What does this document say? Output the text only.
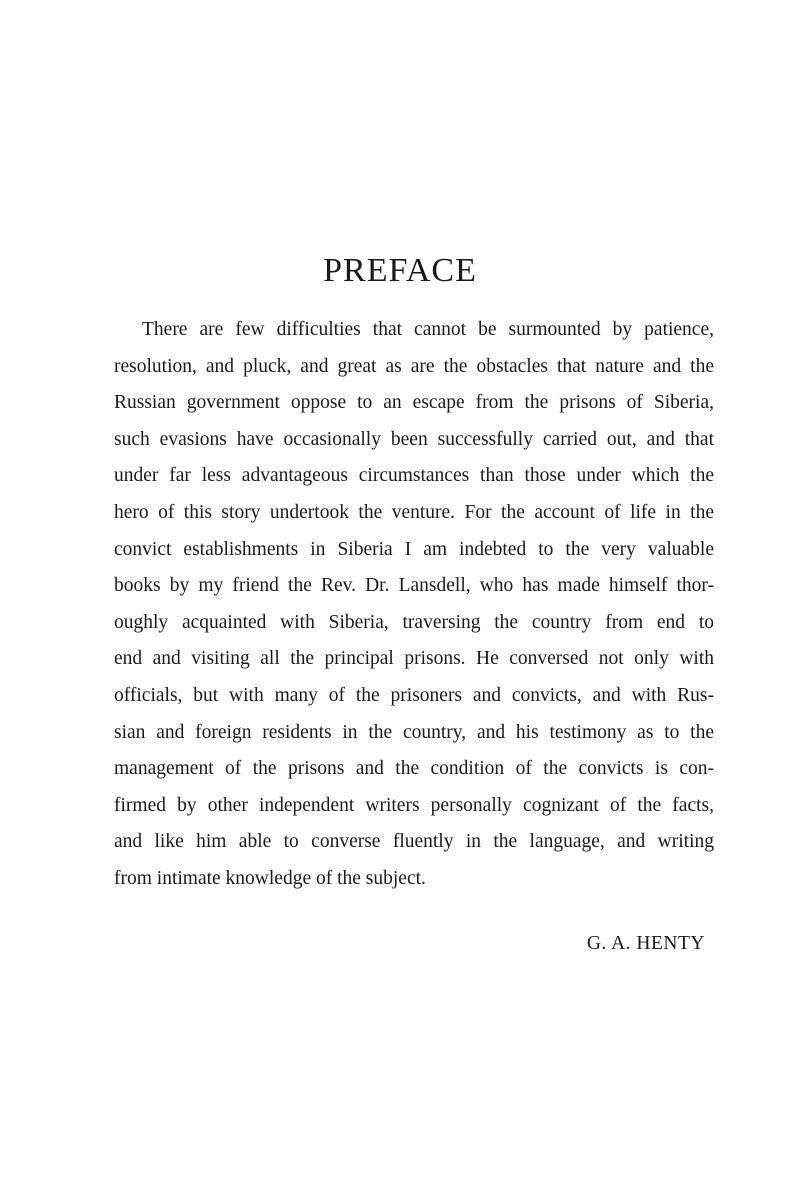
PREFACE
There are few difficulties that cannot be surmounted by patience,
resolution, and pluck, and great as are the obstacles that nature and the
Russian government oppose to an escape from the prisons of Siberia,
such evasions have occasionally been successfully carried out, and that
under far less advantageous circumstances than those under which the
hero of this story undertook the venture. For the account of life in the
convict establishments in Siberia I am indebted to the very valuable
books by my friend the Rev. Dr. Lansdell, who has made himself thor-
oughly acquainted with Siberia, traversing the country from end to
end and visiting all the principal prisons. He conversed not only with
officials, but with many of the prisoners and convicts, and with Rus-
sian and foreign residents in the country, and his testimony as to the
management of the prisons and the condition of the convicts is con-
firmed by other independent writers personally cognizant of the facts,
and like him able to converse fluently in the language, and writing
from intimate knowledge of the subject.

G. A. HENTY
